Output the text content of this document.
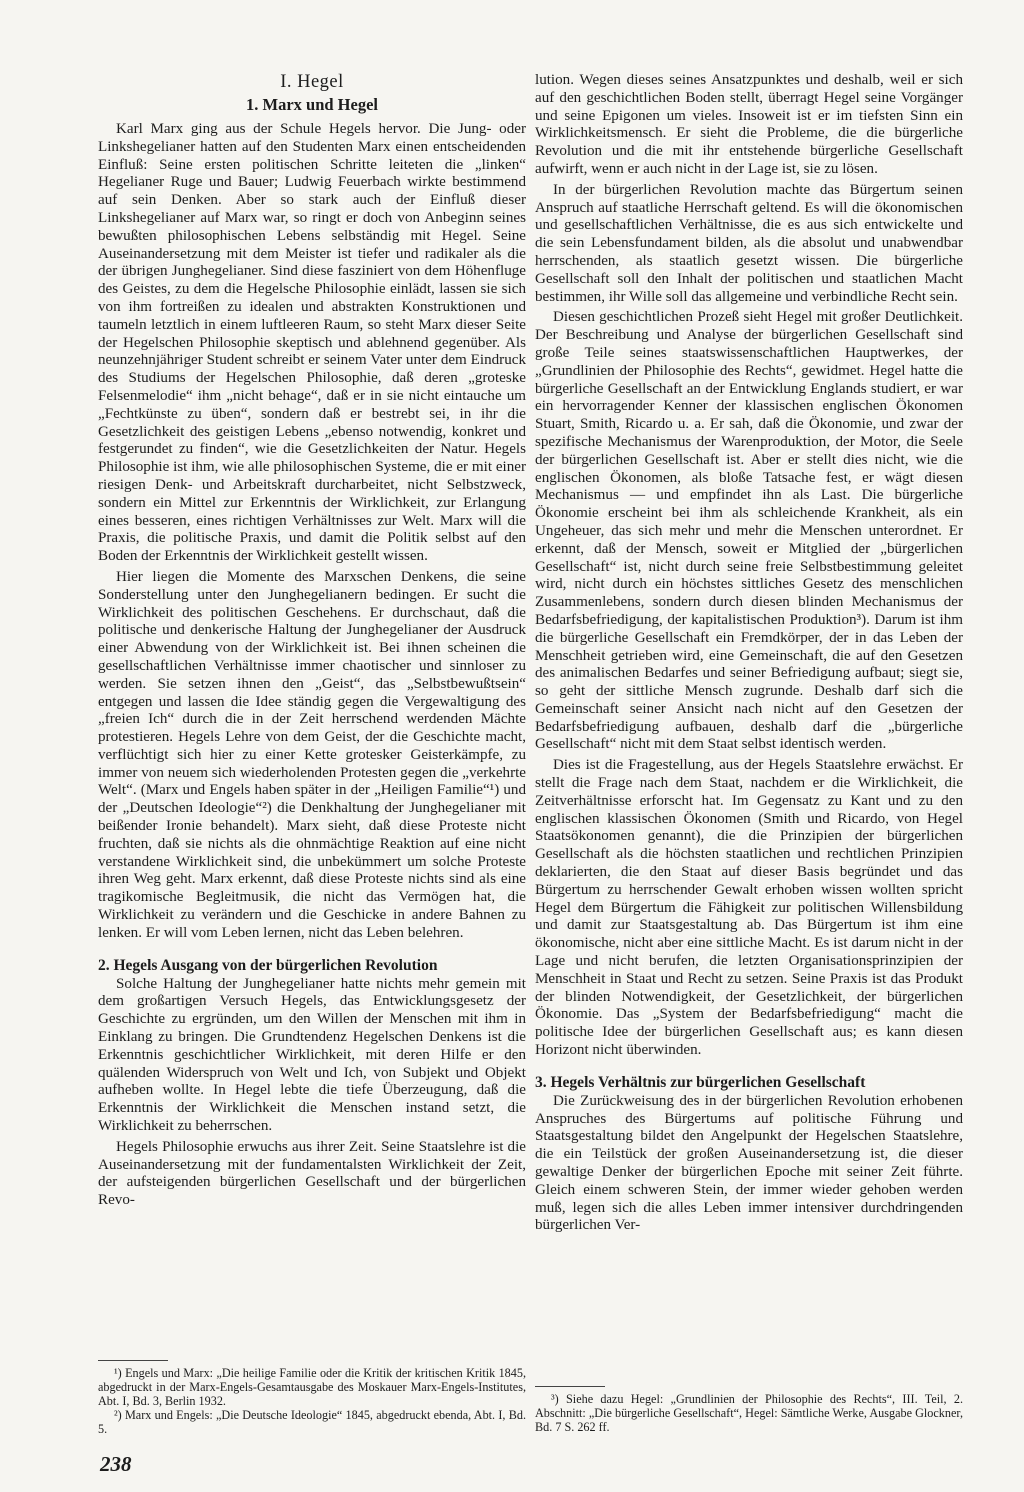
I. Hegel
1. Marx und Hegel

Karl Marx ging aus der Schule Hegels hervor. Die Jung- oder Linkshegelianer hatten auf den Studenten Marx einen entscheidenden Einfluß: Seine ersten politischen Schritte leiteten die „linken“ Hegelianer Ruge und Bauer; Ludwig Feuerbach wirkte bestimmend auf sein Denken. Aber so stark auch der Einfluß dieser Linkshegelianer auf Marx war, so ringt er doch von Anbeginn seines bewußten philosophischen Lebens selbständig mit Hegel. Seine Auseinandersetzung mit dem Meister ist tiefer und radikaler als die der übrigen Junghegelianer. Sind diese fasziniert von dem Höhenfluge des Geistes, zu dem die Hegelsche Philosophie einlädt, lassen sie sich von ihm fortreißen zu idealen und abstrakten Konstruktionen und taumeln letztlich in einem luftleeren Raum, so steht Marx dieser Seite der Hegelschen Philosophie skeptisch und ablehnend gegenüber. Als neunzehnjähriger Student schreibt er seinem Vater unter dem Eindruck des Studiums der Hegelschen Philosophie, daß deren „groteske Felsenmelodie“ ihm „nicht behage“, daß er in sie nicht eintauche um „Fechtkünste zu üben“, sondern daß er bestrebt sei, in ihr die Gesetzlichkeit des geistigen Lebens „ebenso notwendig, konkret und festgerundet zu finden“, wie die Gesetzlichkeiten der Natur. Hegels Philosophie ist ihm, wie alle philosophischen Systeme, die er mit einer riesigen Denk- und Arbeitskraft durcharbeitet, nicht Selbstzweck, sondern ein Mittel zur Erkenntnis der Wirklichkeit, zur Erlangung eines besseren, eines richtigen Verhältnisses zur Welt. Marx will die Praxis, die politische Praxis, und damit die Politik selbst auf den Boden der Erkenntnis der Wirklichkeit gestellt wissen.

Hier liegen die Momente des Marxschen Denkens, die seine Sonderstellung unter den Junghegelianern bedingen. Er sucht die Wirklichkeit des politischen Geschehens. Er durchschaut, daß die politische und denkerische Haltung der Junghegelianer der Ausdruck einer Abwendung von der Wirklichkeit ist. Bei ihnen scheinen die gesellschaftlichen Verhältnisse immer chaotischer und sinnloser zu werden. Sie setzen ihnen den „Geist“, das „Selbstbewußtsein“ entgegen und lassen die Idee ständig gegen die Vergewaltigung des „freien Ich“ durch die in der Zeit herrschend werdenden Mächte protestieren. Hegels Lehre von dem Geist, der die Geschichte macht, verflüchtigt sich hier zu einer Kette grotesker Geisterkämpfe, zu immer von neuem sich wiederholenden Protesten gegen die „verkehrte Welt“. (Marx und Engels haben später in der „Heiligen Familie“¹) und der „Deutschen Ideologie“²) die Denkhaltung der Junghegelianer mit beißender Ironie behandelt). Marx sieht, daß diese Proteste nicht fruchten, daß sie nichts als die ohnmächtige Reaktion auf eine nicht verstandene Wirklichkeit sind, die unbekümmert um solche Proteste ihren Weg geht. Marx erkennt, daß diese Proteste nichts sind als eine tragikomische Begleitmusik, die nicht das Vermögen hat, die Wirklichkeit zu verändern und die Geschicke in andere Bahnen zu lenken. Er will vom Leben lernen, nicht das Leben belehren.

2. Hegels Ausgang von der bürgerlichen Revolution

Solche Haltung der Junghegelianer hatte nichts mehr gemein mit dem großartigen Versuch Hegels, das Entwicklungsgesetz der Geschichte zu ergründen, um den Willen der Menschen mit ihm in Einklang zu bringen. Die Grundtendenz Hegelschen Denkens ist die Erkenntnis geschichtlicher Wirklichkeit, mit deren Hilfe er den quälenden Widerspruch von Welt und Ich, von Subjekt und Objekt aufheben wollte. In Hegel lebte die tiefe Überzeugung, daß die Erkenntnis der Wirklichkeit die Menschen instand setzt, die Wirklichkeit zu beherrschen.

Hegels Philosophie erwuchs aus ihrer Zeit. Seine Staatslehre ist die Auseinandersetzung mit der fundamentalsten Wirklichkeit der Zeit, der aufsteigenden bürgerlichen Gesellschaft und der bürgerlichen Revo-

lution. Wegen dieses seines Ansatzpunktes und deshalb, weil er sich auf den geschichtlichen Boden stellt, überragt Hegel seine Vorgänger und seine Epigonen um vieles. Insoweit ist er im tiefsten Sinn ein Wirklichkeitsmensch. Er sieht die Probleme, die die bürgerliche Revolution und die mit ihr entstehende bürgerliche Gesellschaft aufwirft, wenn er auch nicht in der Lage ist, sie zu lösen.

In der bürgerlichen Revolution machte das Bürgertum seinen Anspruch auf staatliche Herrschaft geltend. Es will die ökonomischen und gesellschaftlichen Verhältnisse, die es aus sich entwickelte und die sein Lebensfundament bilden, als die absolut und unabwendbar herrschenden, als staatlich gesetzt wissen. Die bürgerliche Gesellschaft soll den Inhalt der politischen und staatlichen Macht bestimmen, ihr Wille soll das allgemeine und verbindliche Recht sein.

Diesen geschichtlichen Prozeß sieht Hegel mit großer Deutlichkeit. Der Beschreibung und Analyse der bürgerlichen Gesellschaft sind große Teile seines staatswissenschaftlichen Hauptwerkes, der „Grundlinien der Philosophie des Rechts“, gewidmet. Hegel hatte die bürgerliche Gesellschaft an der Entwicklung Englands studiert, er war ein hervorragender Kenner der klassischen englischen Ökonomen Stuart, Smith, Ricardo u. a. Er sah, daß die Ökonomie, und zwar der spezifische Mechanismus der Warenproduktion, der Motor, die Seele der bürgerlichen Gesellschaft ist. Aber er stellt dies nicht, wie die englischen Ökonomen, als bloße Tatsache fest, er wägt diesen Mechanismus — und empfindet ihn als Last. Die bürgerliche Ökonomie erscheint bei ihm als schleichende Krankheit, als ein Ungeheuer, das sich mehr und mehr die Menschen unterordnet. Er erkennt, daß der Mensch, soweit er Mitglied der „bürgerlichen Gesellschaft“ ist, nicht durch seine freie Selbstbestimmung geleitet wird, nicht durch ein höchstes sittliches Gesetz des menschlichen Zusammenlebens, sondern durch diesen blinden Mechanismus der Bedarfsbefriedigung, der kapitalistischen Produktion³). Darum ist ihm die bürgerliche Gesellschaft ein Fremdkörper, der in das Leben der Menschheit getrieben wird, eine Gemeinschaft, die auf den Gesetzen des animalischen Bedarfes und seiner Befriedigung aufbaut; siegt sie, so geht der sittliche Mensch zugrunde. Deshalb darf sich die Gemeinschaft seiner Ansicht nach nicht auf den Gesetzen der Bedarfsbefriedigung aufbauen, deshalb darf die „bürgerliche Gesellschaft“ nicht mit dem Staat selbst identisch werden.

Dies ist die Fragestellung, aus der Hegels Staatslehre erwächst. Er stellt die Frage nach dem Staat, nachdem er die Wirklichkeit, die Zeitverhältnisse erforscht hat. Im Gegensatz zu Kant und zu den englischen klassischen Ökonomen (Smith und Ricardo, von Hegel Staatsökonomen genannt), die die Prinzipien der bürgerlichen Gesellschaft als die höchsten staatlichen und rechtlichen Prinzipien deklarierten, die den Staat auf dieser Basis begründet und das Bürgertum zu herrschender Gewalt erhoben wissen wollten spricht Hegel dem Bürgertum die Fähigkeit zur politischen Willensbildung und damit zur Staatsgestaltung ab. Das Bürgertum ist ihm eine ökonomische, nicht aber eine sittliche Macht. Es ist darum nicht in der Lage und nicht berufen, die letzten Organisationsprinzipien der Menschheit in Staat und Recht zu setzen. Seine Praxis ist das Produkt der blinden Notwendigkeit, der Gesetzlichkeit, der bürgerlichen Ökonomie. Das „System der Bedarfsbefriedigung“ macht die politische Idee der bürgerlichen Gesellschaft aus; es kann diesen Horizont nicht überwinden.

3. Hegels Verhältnis zur bürgerlichen Gesellschaft

Die Zurückweisung des in der bürgerlichen Revolution erhobenen Anspruches des Bürgertums auf politische Führung und Staatsgestaltung bildet den Angelpunkt der Hegelschen Staatslehre, die ein Teilstück der großen Auseinandersetzung ist, die dieser gewaltige Denker der bürgerlichen Epoche mit seiner Zeit führte. Gleich einem schweren Stein, der immer wieder gehoben werden muß, legen sich die alles Leben immer intensiver durchdringenden bürgerlichen Ver-

¹) Engels und Marx: „Die heilige Familie oder die Kritik der kritischen Kritik 1845, abgedruckt in der Marx-Engels-Gesamtausgabe des Moskauer Marx-Engels-Institutes, Abt. I, Bd. 3, Berlin 1932.

²) Marx und Engels: „Die Deutsche Ideologie“ 1845, abgedruckt ebenda, Abt. I, Bd. 5.

³) Siehe dazu Hegel: „Grundlinien der Philosophie des Rechts“, III. Teil, 2. Abschnitt: „Die bürgerliche Gesellschaft“, Hegel: Sämtliche Werke, Ausgabe Glockner, Bd. 7 S. 262 ff.

238
